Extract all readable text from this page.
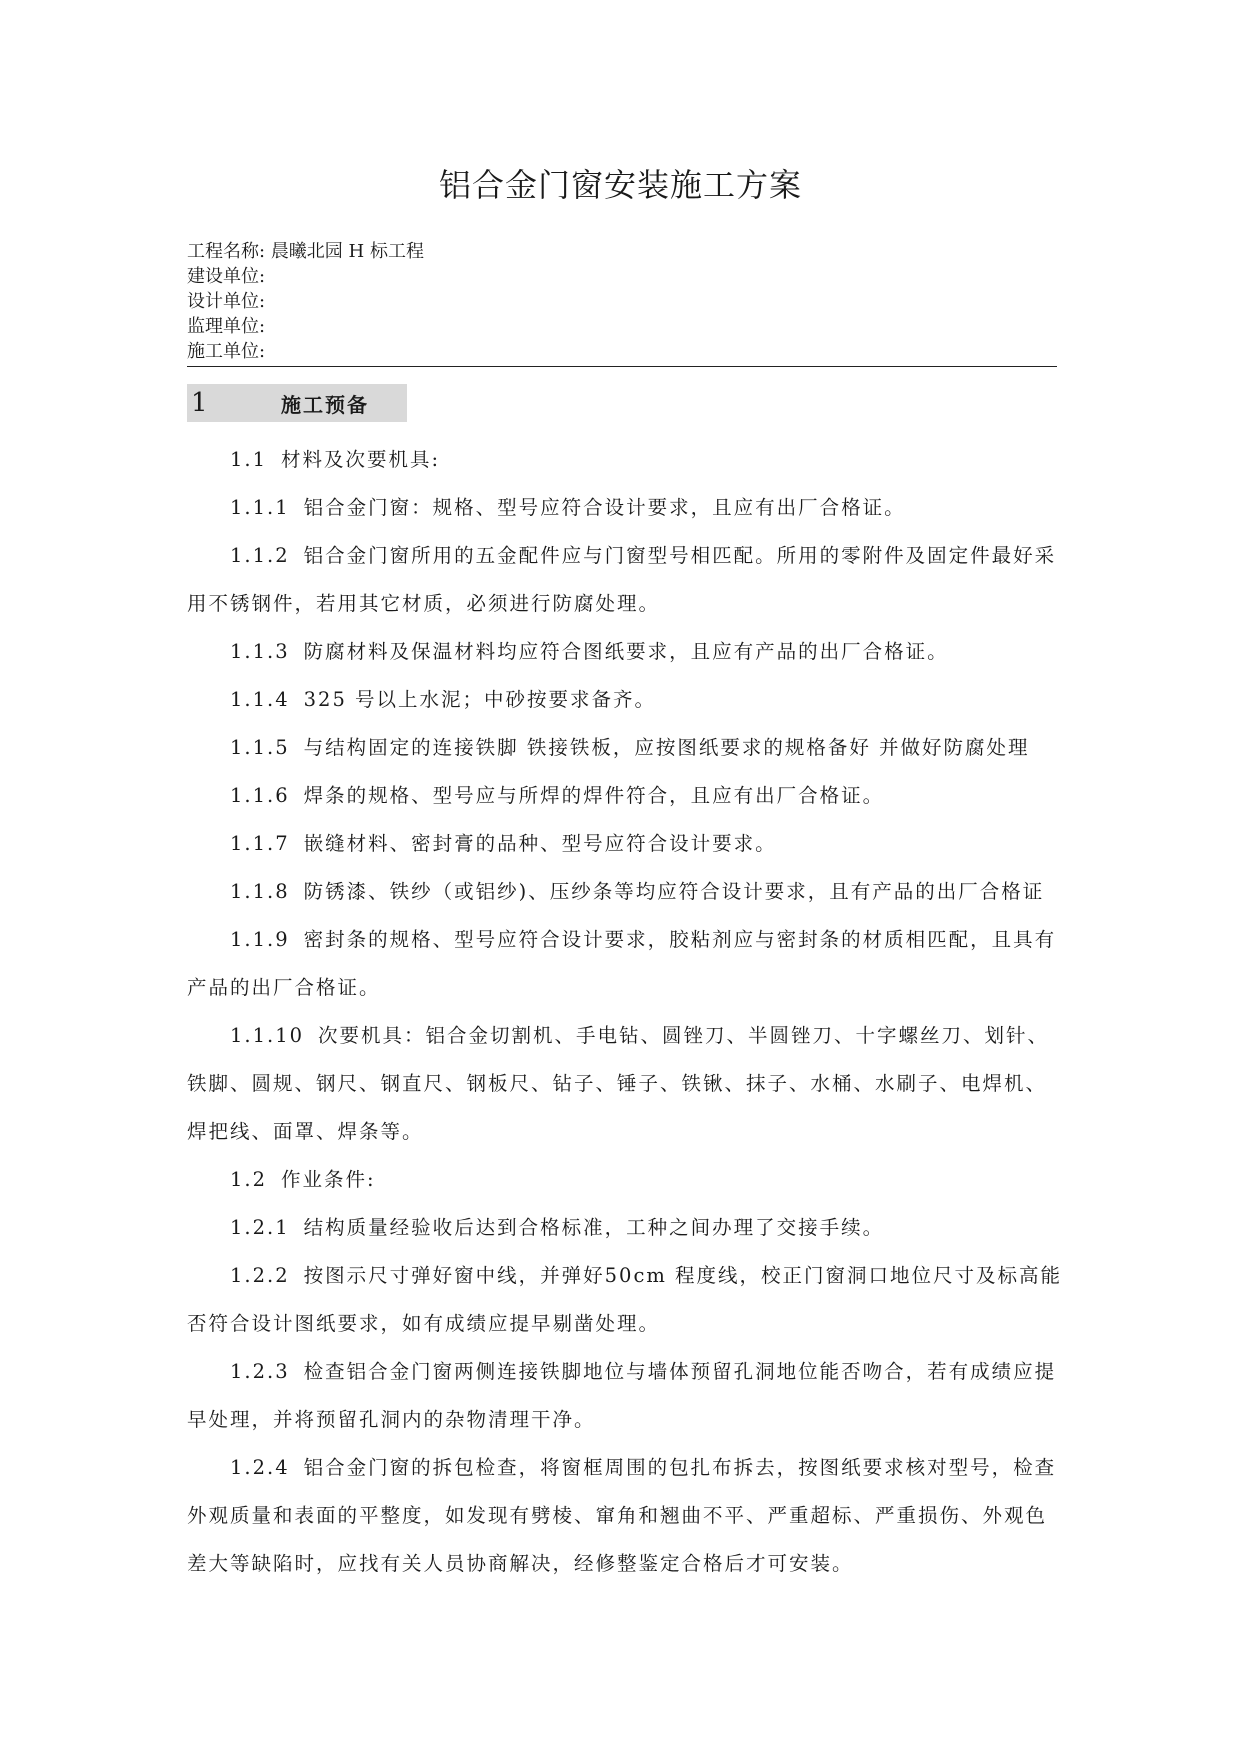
铝合金门窗安装施工方案
工程名称: 晨曦北园 H 标工程
建设单位:
设计单位:
监理单位:
施工单位:
1	施工预备

1.1 材料及次要机具:

1.1.1 铝合金门窗：规格、型号应符合设计要求，且应有出厂合格证。

1.1.2 铝合金门窗所用的五金配件应与门窗型号相匹配。所用的零附件及固定件最好采

用不锈钢件，若用其它材质，必须进行防腐处理。

1.1.3 防腐材料及保温材料均应符合图纸要求，且应有产品的出厂合格证。

1.1.4 325 号以上水泥；中砂按要求备齐。

1.1.5 与结构固定的连接铁脚 铁接铁板，应按图纸要求的规格备好 并做好防腐处理

1.1.6 焊条的规格、型号应与所焊的焊件符合，且应有出厂合格证。

1.1.7 嵌缝材料、密封膏的品种、型号应符合设计要求。

1.1.8 防锈漆、铁纱（或铝纱)、压纱条等均应符合设计要求，且有产品的出厂合格证

1.1.9 密封条的规格、型号应符合设计要求，胶粘剂应与密封条的材质相匹配，且具有

产品的出厂合格证。

1.1.10 次要机具：铝合金切割机、手电钻、圆锉刀、半圆锉刀、十字螺丝刀、划针、

铁脚、圆规、钢尺、钢直尺、钢板尺、钻子、锤子、铁锹、抹子、水桶、水刷子、电焊机、

焊把线、面罩、焊条等。

1.2 作业条件:

1.2.1 结构质量经验收后达到合格标准，工种之间办理了交接手续。

1.2.2 按图示尺寸弹好窗中线，并弹好50cm 程度线，校正门窗洞口地位尺寸及标高能

否符合设计图纸要求，如有成绩应提早剔凿处理。

1.2.3 检查铝合金门窗两侧连接铁脚地位与墙体预留孔洞地位能否吻合，若有成绩应提

早处理，并将预留孔洞内的杂物清理干净。

1.2.4 铝合金门窗的拆包检查，将窗框周围的包扎布拆去，按图纸要求核对型号，检查

外观质量和表面的平整度，如发现有劈棱、窜角和翘曲不平、严重超标、严重损伤、外观色

差大等缺陷时，应找有关人员协商解决，经修整鉴定合格后才可安装。
